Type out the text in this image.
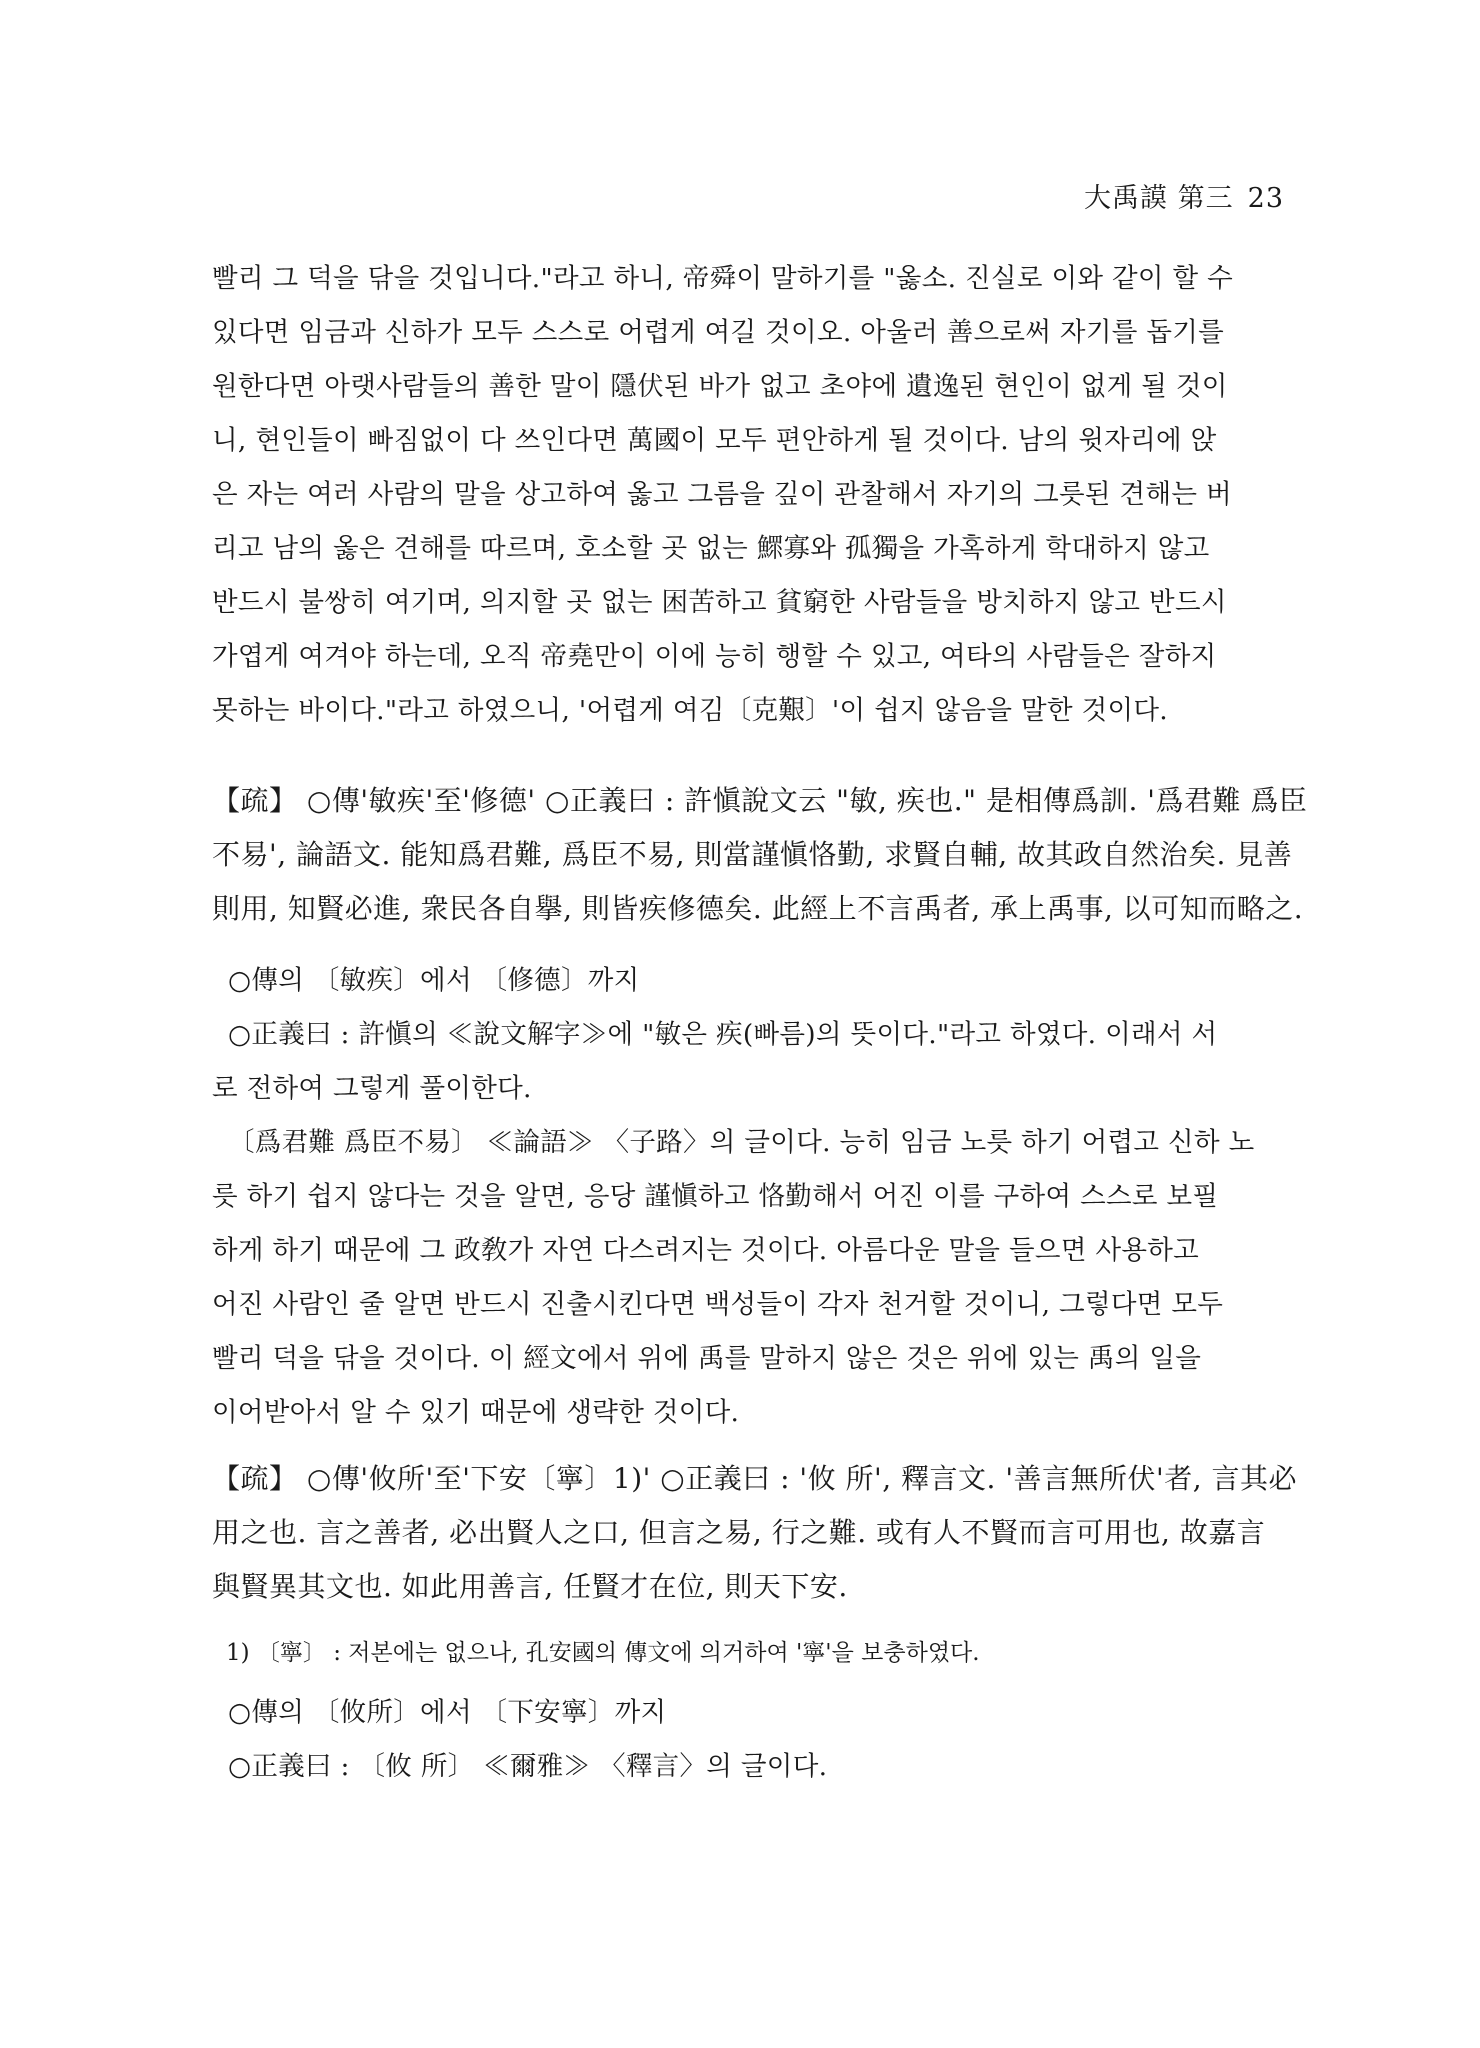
大禹謨 第三 23
빨리 그 덕을 닦을 것입니다."라고 하니, 帝舜이 말하기를 "옳소. 진실로 이와 같이 할 수
있다면 임금과 신하가 모두 스스로 어렵게 여길 것이오. 아울러 善으로써 자기를 돕기를
원한다면 아랫사람들의 善한 말이 隱伏된 바가 없고 초야에 遺逸된 현인이 없게 될 것이
니, 현인들이 빠짐없이 다 쓰인다면 萬國이 모두 편안하게 될 것이다. 남의 윗자리에 앉
은 자는 여러 사람의 말을 상고하여 옳고 그름을 깊이 관찰해서 자기의 그릇된 견해는 버
리고 남의 옳은 견해를 따르며, 호소할 곳 없는 鰥寡와 孤獨을 가혹하게 학대하지 않고
반드시 불쌍히 여기며, 의지할 곳 없는 困苦하고 貧窮한 사람들을 방치하지 않고 반드시
가엽게 여겨야 하는데, 오직 帝堯만이 이에 능히 행할 수 있고, 여타의 사람들은 잘하지
못하는 바이다."라고 하였으니, '어렵게 여김〔克艱〕'이 쉽지 않음을 말한 것이다.
【疏】 ○傳'敏疾'至'修德' ○正義曰 : 許愼說文云 "敏, 疾也." 是相傳爲訓. '爲君難 爲臣
不易', 論語文. 能知爲君難, 爲臣不易, 則當謹愼恪勤, 求賢自輔, 故其政自然治矣. 見善
則用, 知賢必進, 衆民各自擧, 則皆疾修德矣. 此經上不言禹者, 承上禹事, 以可知而略之.
○傳의 〔敏疾〕에서 〔修德〕까지
○正義曰 : 許愼의 ≪說文解字≫에 "敏은 疾(빠름)의 뜻이다."라고 하였다. 이래서 서
로 전하여 그렇게 풀이한다.
〔爲君難 爲臣不易〕 ≪論語≫ 〈子路〉의 글이다. 능히 임금 노릇 하기 어렵고 신하 노
릇 하기 쉽지 않다는 것을 알면, 응당 謹愼하고 恪勤해서 어진 이를 구하여 스스로 보필
하게 하기 때문에 그 政敎가 자연 다스려지는 것이다. 아름다운 말을 들으면 사용하고
어진 사람인 줄 알면 반드시 진출시킨다면 백성들이 각자 천거할 것이니, 그렇다면 모두
빨리 덕을 닦을 것이다. 이 經文에서 위에 禹를 말하지 않은 것은 위에 있는 禹의 일을
이어받아서 알 수 있기 때문에 생략한 것이다.
【疏】 ○傳'攸所'至'下安〔寧〕1)' ○正義曰 : '攸 所', 釋言文. '善言無所伏'者, 言其必
用之也. 言之善者, 必出賢人之口, 但言之易, 行之難. 或有人不賢而言可用也, 故嘉言
與賢異其文也. 如此用善言, 任賢才在位, 則天下安.
1) 〔寧〕 : 저본에는 없으나, 孔安國의 傳文에 의거하여 '寧'을 보충하였다.
○傳의 〔攸所〕에서 〔下安寧〕까지
○正義曰 : 〔攸 所〕 ≪爾雅≫ 〈釋言〉의 글이다.
